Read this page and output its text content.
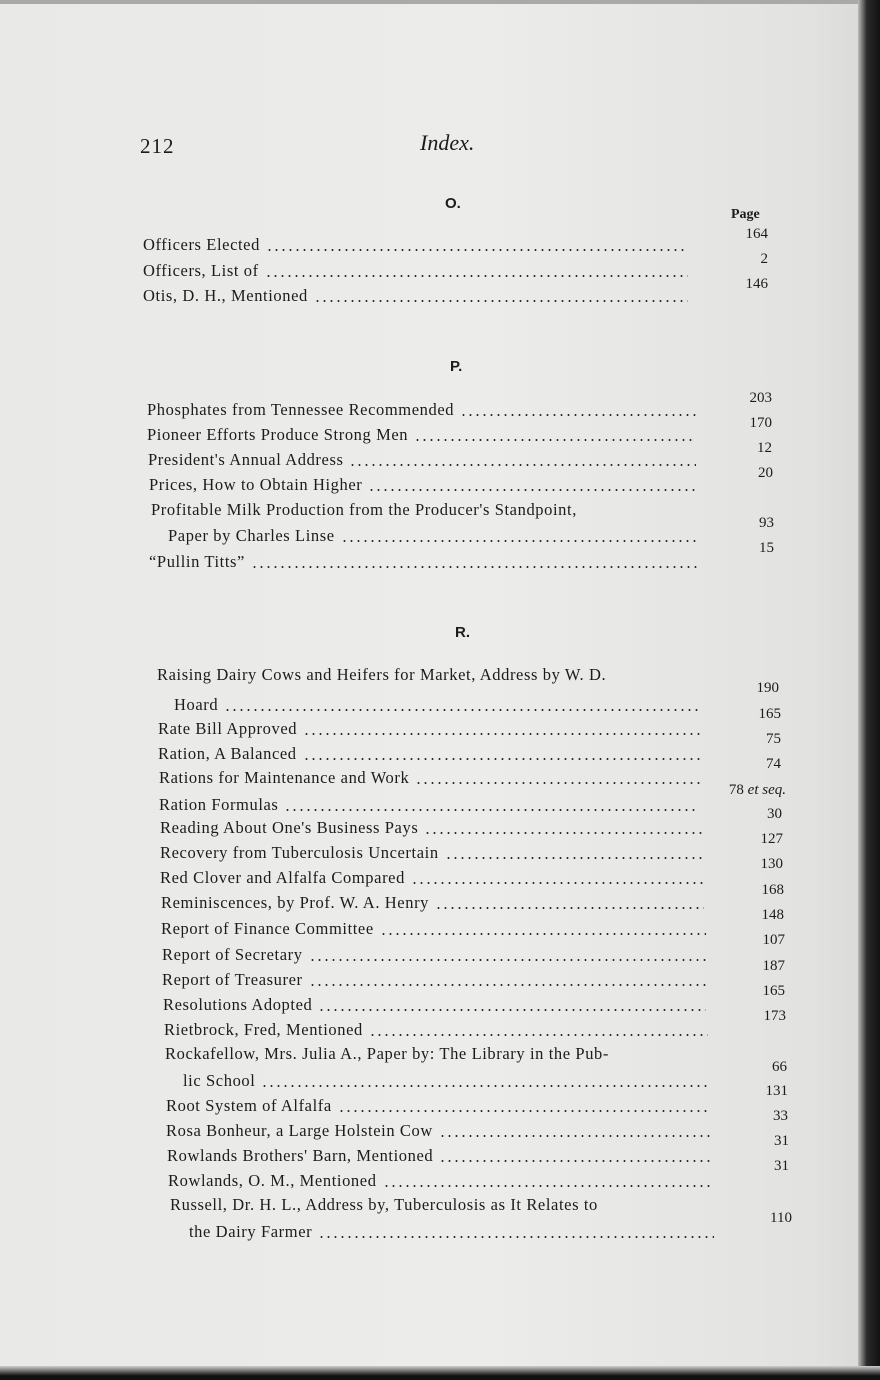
212	Index.
O.
Page
Officers Elected
164
Officers, List of
2
Otis, D. H., Mentioned
146
P.
Phosphates from Tennessee Recommended
203
Pioneer Efforts Produce Strong Men
170
President's Annual Address
12
Prices, How to Obtain Higher
20
Profitable Milk Production from the Producer's Standpoint,
Paper by Charles Linse
93
“Pullin Titts”
15
R.
Raising Dairy Cows and Heifers for Market, Address by W. D.
Hoard
190
Rate Bill Approved
165
Ration, A Balanced
75
Rations for Maintenance and Work
74
Ration Formulas
78 et seq.
Reading About One's Business Pays
30
Recovery from Tuberculosis Uncertain
127
Red Clover and Alfalfa Compared
130
Reminiscences, by Prof. W. A. Henry
168
Report of Finance Committee
148
Report of Secretary
107
Report of Treasurer
187
Resolutions Adopted
165
Rietbrock, Fred, Mentioned
173
Rockafellow, Mrs. Julia A., Paper by: The Library in the Pub-
lic School
66
Root System of Alfalfa
131
Rosa Bonheur, a Large Holstein Cow
33
Rowlands Brothers' Barn, Mentioned
31
Rowlands, O. M., Mentioned
31
Russell, Dr. H. L., Address by, Tuberculosis as It Relates to
the Dairy Farmer
110
